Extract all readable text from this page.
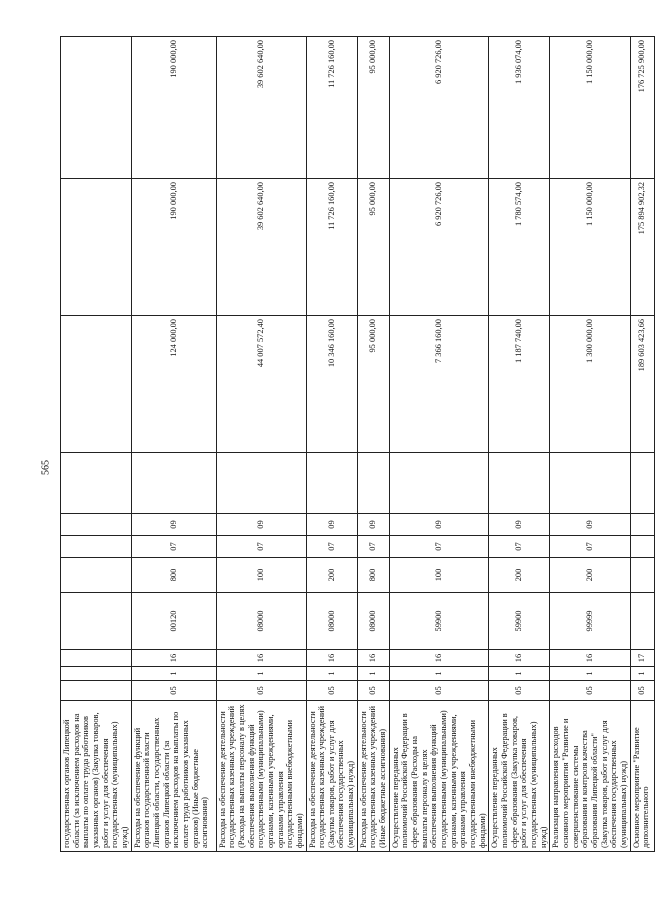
565
государственных органов Липецкой области (за исключением расходов на выплаты по оплате труда работников указанных органов) (Закупка товаров, работ и услуг для обеспечения государственных (муниципальных) нужд)											
Расходы на обеспечение функций органов государственной власти Липецкой области, государственных органов Липецкой области (за исключением расходов на выплаты по оплате труда работников указанных органов) (Иные бюджетные ассигнования)	05	1	16	00120	800	07	09		124 000,00	190 000,00	190 000,00
Расходы на обеспечение деятельности государственных казенных учреждений (Расходы на выплаты персоналу в целях обеспечения выполнения функций государственными (муниципальными) органами, казенными учреждениями, органами управления государственными внебюджетными фондами)	05	1	16	08000	100	07	09		44 007 572,40	39 602 640,00	39 602 640,00
Расходы на обеспечение деятельности государственных казенных учреждений (Закупка товаров, работ и услуг для обеспечения государственных (муниципальных) нужд)	05	1	16	08000	200	07	09		10 346 160,00	11 726 160,00	11 726 160,00
Расходы на обеспечение деятельности государственных казенных учреждений (Иные бюджетные ассигнования)	05	1	16	08000	800	07	09		95 000,00	95 000,00	95 000,00
Осуществление переданных полномочий Российской Федерации в сфере образования (Расходы на выплаты персоналу в целях обеспечения выполнения функций государственными (муниципальными) органами, казенными учреждениями, органами управления государственными внебюджетными фондами)	05	1	16	59900	100	07	09		7 366 160,00	6 920 726,00	6 920 726,00
Осуществление переданных полномочий Российской Федерации в сфере образования (Закупка товаров, работ и услуг для обеспечения государственных (муниципальных) нужд)	05	1	16	59900	200	07	09		1 187 740,00	1 780 574,00	1 936 074,00
Реализация направления расходов основного мероприятия "Развитие и совершенствование системы образования и контроля качества образования Липецкой области" (Закупка товаров, работ и услуг для обеспечения государственных (муниципальных) нужд)	05	1	16	99999	200	07	09		1 300 000,00	1 150 000,00	1 150 000,00
Основное мероприятие "Развитие дополнительного	05	1	17						189 603 423,66	175 894 902,32	176 725 900,00
